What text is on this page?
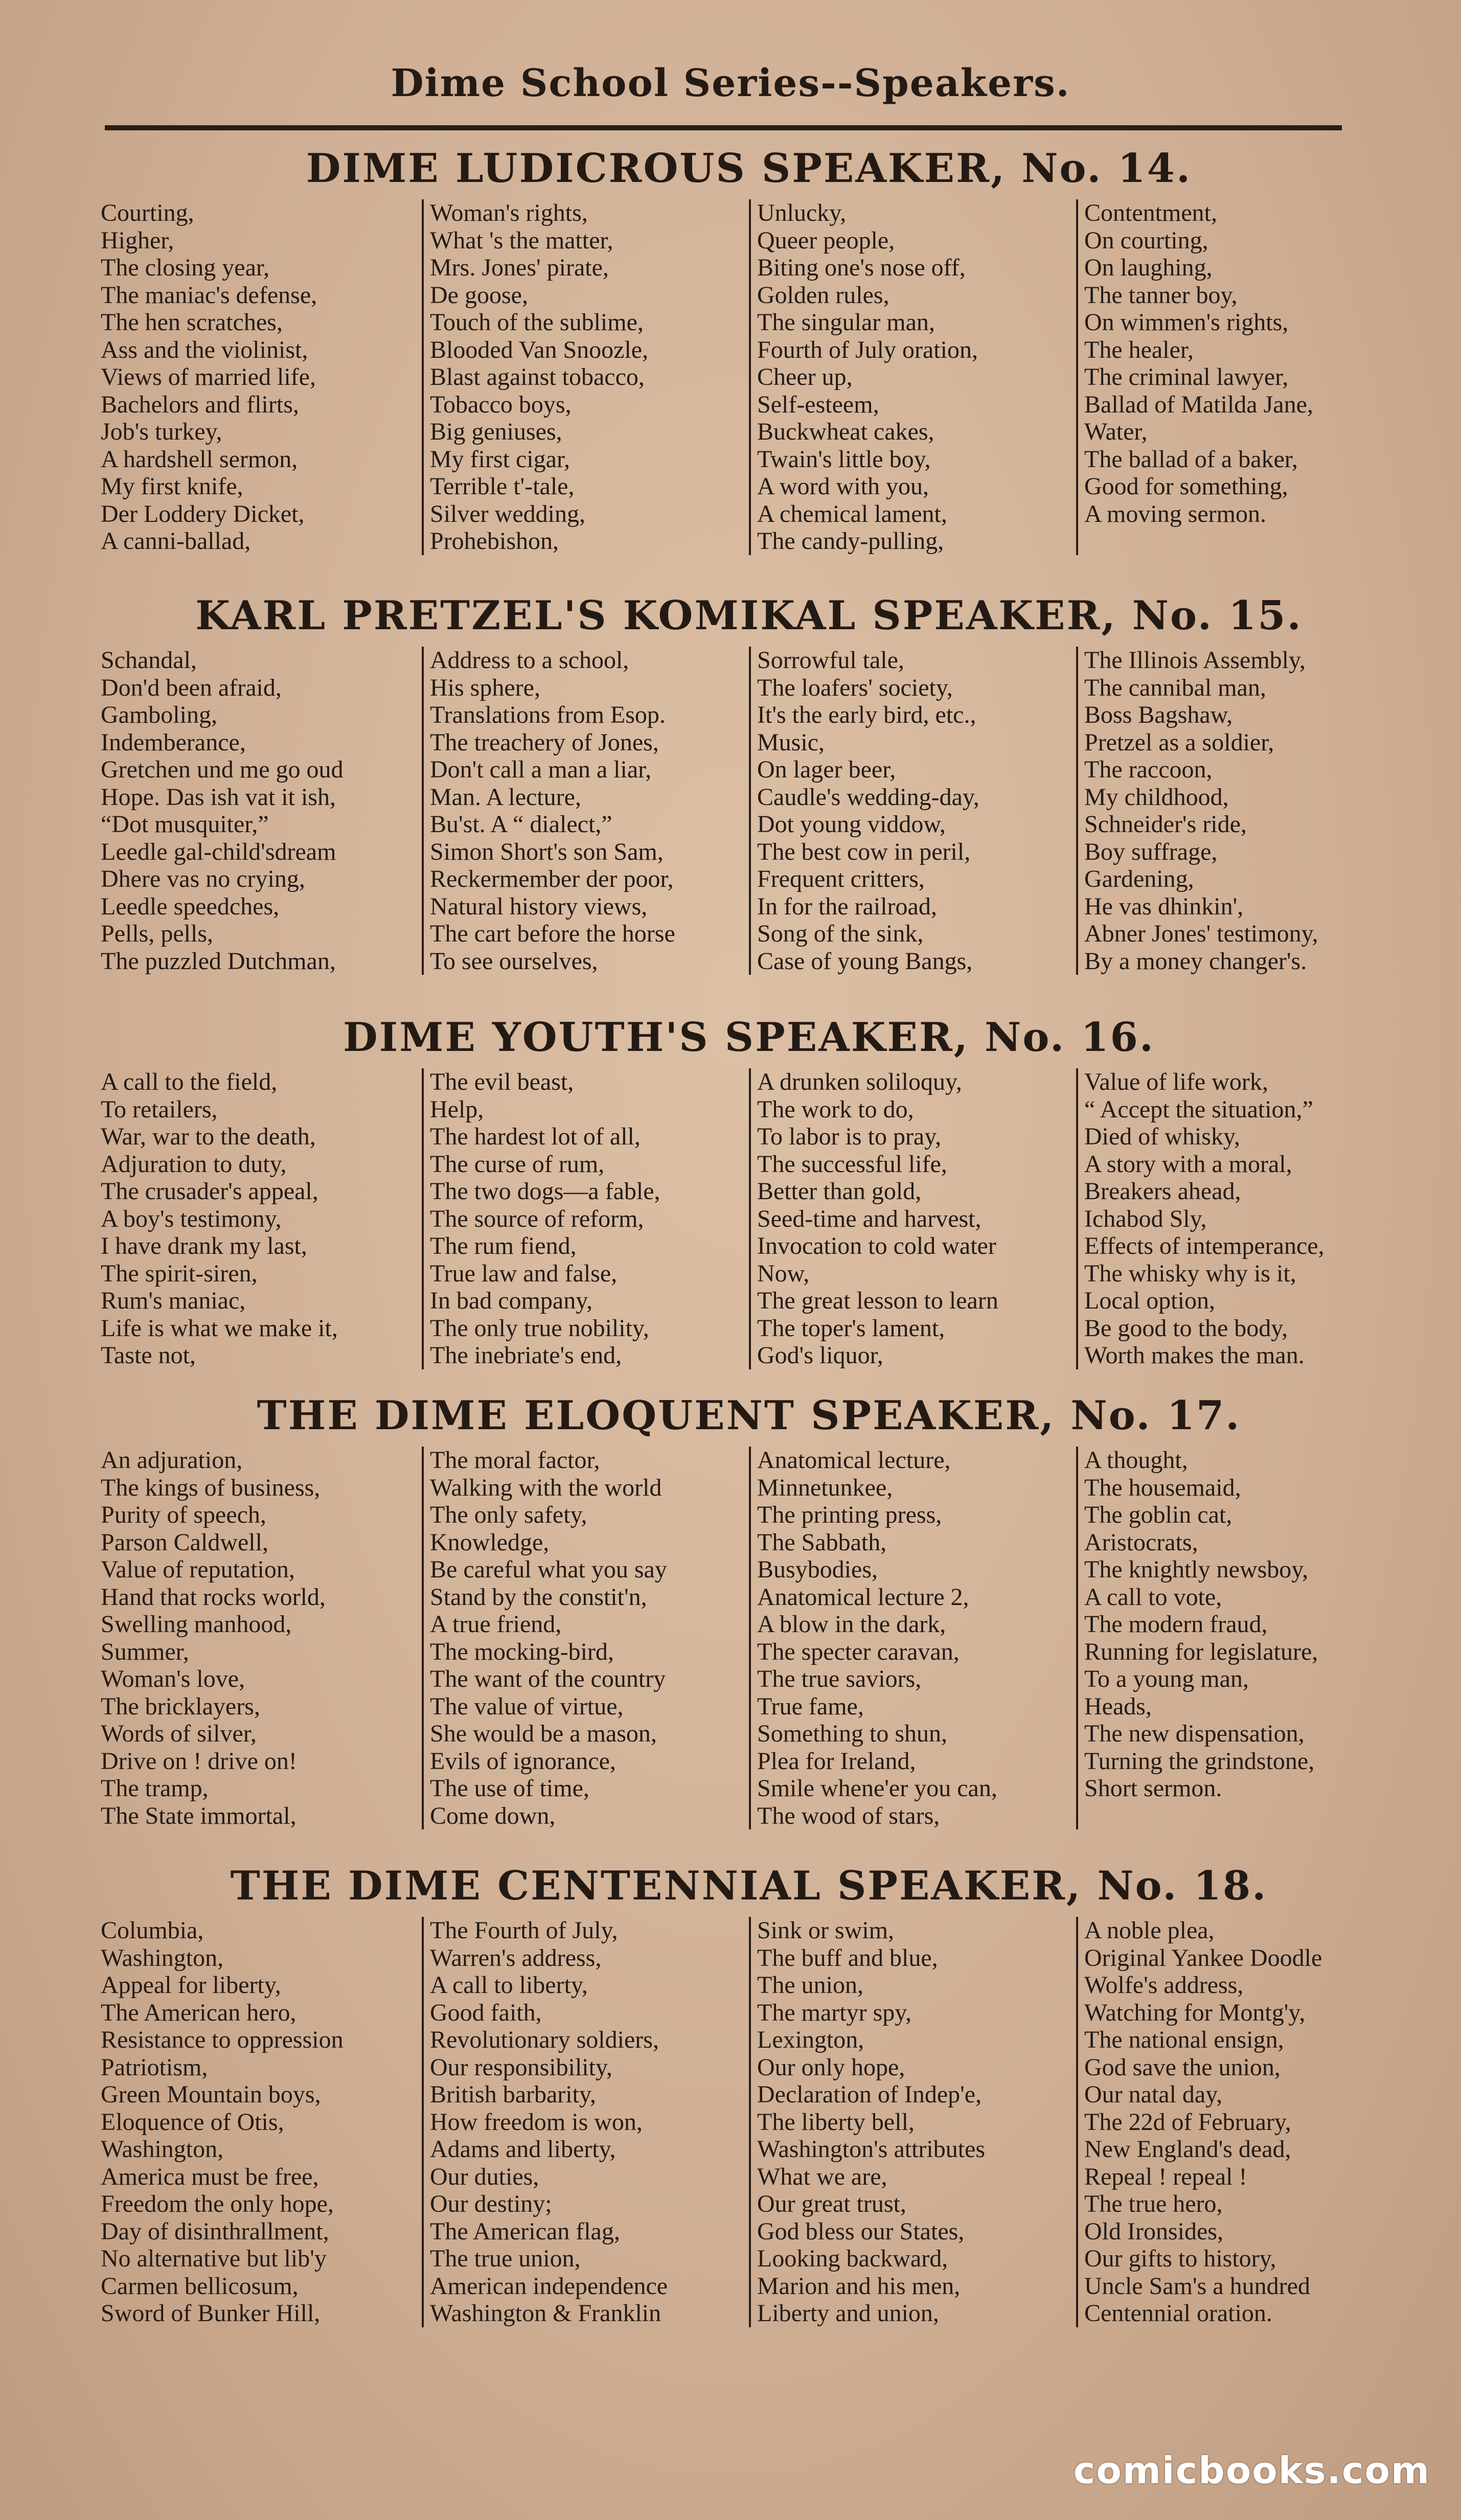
Dime School Series--Speakers.
DIME LUDICROUS SPEAKER, No. 14.
Courting,
Higher,
The closing year,
The maniac's defense,
The hen scratches,
Ass and the violinist,
Views of married life,
Bachelors and flirts,
Job's turkey,
A hardshell sermon,
My first knife,
Der Loddery Dicket,
A canni-ballad,
Woman's rights,
What 's the matter,
Mrs. Jones' pirate,
De goose,
Touch of the sublime,
Blooded Van Snoozle,
Blast against tobacco,
Tobacco boys,
Big geniuses,
My first cigar,
Terrible t'-tale,
Silver wedding,
Prohebishon,
Unlucky,
Queer people,
Biting one's nose off,
Golden rules,
The singular man,
Fourth of July oration,
Cheer up,
Self-esteem,
Buckwheat cakes,
Twain's little boy,
A word with you,
A chemical lament,
The candy-pulling,
Contentment,
On courting,
On laughing,
The tanner boy,
On wimmen's rights,
The healer,
The criminal lawyer,
Ballad of Matilda Jane,
Water,
The ballad of a baker,
Good for something,
A moving sermon.
KARL PRETZEL'S KOMIKAL SPEAKER, No. 15.
Schandal,
Don'd been afraid,
Gamboling,
Indemberance,
Gretchen und me go oud
Hope. Das ish vat it ish,
“Dot musquiter,”
Leedle gal-child'sdream
Dhere vas no crying,
Leedle speedches,
Pells, pells,
The puzzled Dutchman,
Address to a school,
His sphere,
Translations from Esop.
The treachery of Jones,
Don't call a man a liar,
Man. A lecture,
Bu'st. A “ dialect,”
Simon Short's son Sam,
Reckermember der poor,
Natural history views,
The cart before the horse
To see ourselves,
Sorrowful tale,
The loafers' society,
It's the early bird, etc.,
Music,
On lager beer,
Caudle's wedding-day,
Dot young viddow,
The best cow in peril,
Frequent critters,
In for the railroad,
Song of the sink,
Case of young Bangs,
The Illinois Assembly,
The cannibal man,
Boss Bagshaw,
Pretzel as a soldier,
The raccoon,
My childhood,
Schneider's ride,
Boy suffrage,
Gardening,
He vas dhinkin',
Abner Jones' testimony,
By a money changer's.
DIME YOUTH'S SPEAKER, No. 16.
A call to the field,
To retailers,
War, war to the death,
Adjuration to duty,
The crusader's appeal,
A boy's testimony,
I have drank my last,
The spirit-siren,
Rum's maniac,
Life is what we make it,
Taste not,
The evil beast,
Help,
The hardest lot of all,
The curse of rum,
The two dogs—a fable,
The source of reform,
The rum fiend,
True law and false,
In bad company,
The only true nobility,
The inebriate's end,
A drunken soliloquy,
The work to do,
To labor is to pray,
The successful life,
Better than gold,
Seed-time and harvest,
Invocation to cold water
Now,
The great lesson to learn
The toper's lament,
God's liquor,
Value of life work,
“ Accept the situation,”
Died of whisky,
A story with a moral,
Breakers ahead,
Ichabod Sly,
Effects of intemperance,
The whisky why is it,
Local option,
Be good to the body,
Worth makes the man.
THE DIME ELOQUENT SPEAKER, No. 17.
An adjuration,
The kings of business,
Purity of speech,
Parson Caldwell,
Value of reputation,
Hand that rocks world,
Swelling manhood,
Summer,
Woman's love,
The bricklayers,
Words of silver,
Drive on ! drive on!
The tramp,
The State immortal,
The moral factor,
Walking with the world
The only safety,
Knowledge,
Be careful what you say
Stand by the constit'n,
A true friend,
The mocking-bird,
The want of the country
The value of virtue,
She would be a mason,
Evils of ignorance,
The use of time,
Come down,
Anatomical lecture,
Minnetunkee,
The printing press,
The Sabbath,
Busybodies,
Anatomical lecture 2,
A blow in the dark,
The specter caravan,
The true saviors,
True fame,
Something to shun,
Plea for Ireland,
Smile whene'er you can,
The wood of stars,
A thought,
The housemaid,
The goblin cat,
Aristocrats,
The knightly newsboy,
A call to vote,
The modern fraud,
Running for legislature,
To a young man,
Heads,
The new dispensation,
Turning the grindstone,
Short sermon.
THE DIME CENTENNIAL SPEAKER, No. 18.
Columbia,
Washington,
Appeal for liberty,
The American hero,
Resistance to oppression
Patriotism,
Green Mountain boys,
Eloquence of Otis,
Washington,
America must be free,
Freedom the only hope,
Day of disinthrallment,
No alternative but lib'y
Carmen bellicosum,
Sword of Bunker Hill,
The Fourth of July,
Warren's address,
A call to liberty,
Good faith,
Revolutionary soldiers,
Our responsibility,
British barbarity,
How freedom is won,
Adams and liberty,
Our duties,
Our destiny;
The American flag,
The true union,
American independence
Washington & Franklin
Sink or swim,
The buff and blue,
The union,
The martyr spy,
Lexington,
Our only hope,
Declaration of Indep'e,
The liberty bell,
Washington's attributes
What we are,
Our great trust,
God bless our States,
Looking backward,
Marion and his men,
Liberty and union,
A noble plea,
Original Yankee Doodle
Wolfe's address,
Watching for Montg'y,
The national ensign,
God save the union,
Our natal day,
The 22d of February,
New England's dead,
Repeal ! repeal !
The true hero,
Old Ironsides,
Our gifts to history,
Uncle Sam's a hundred
Centennial oration.
comicbooks.com
